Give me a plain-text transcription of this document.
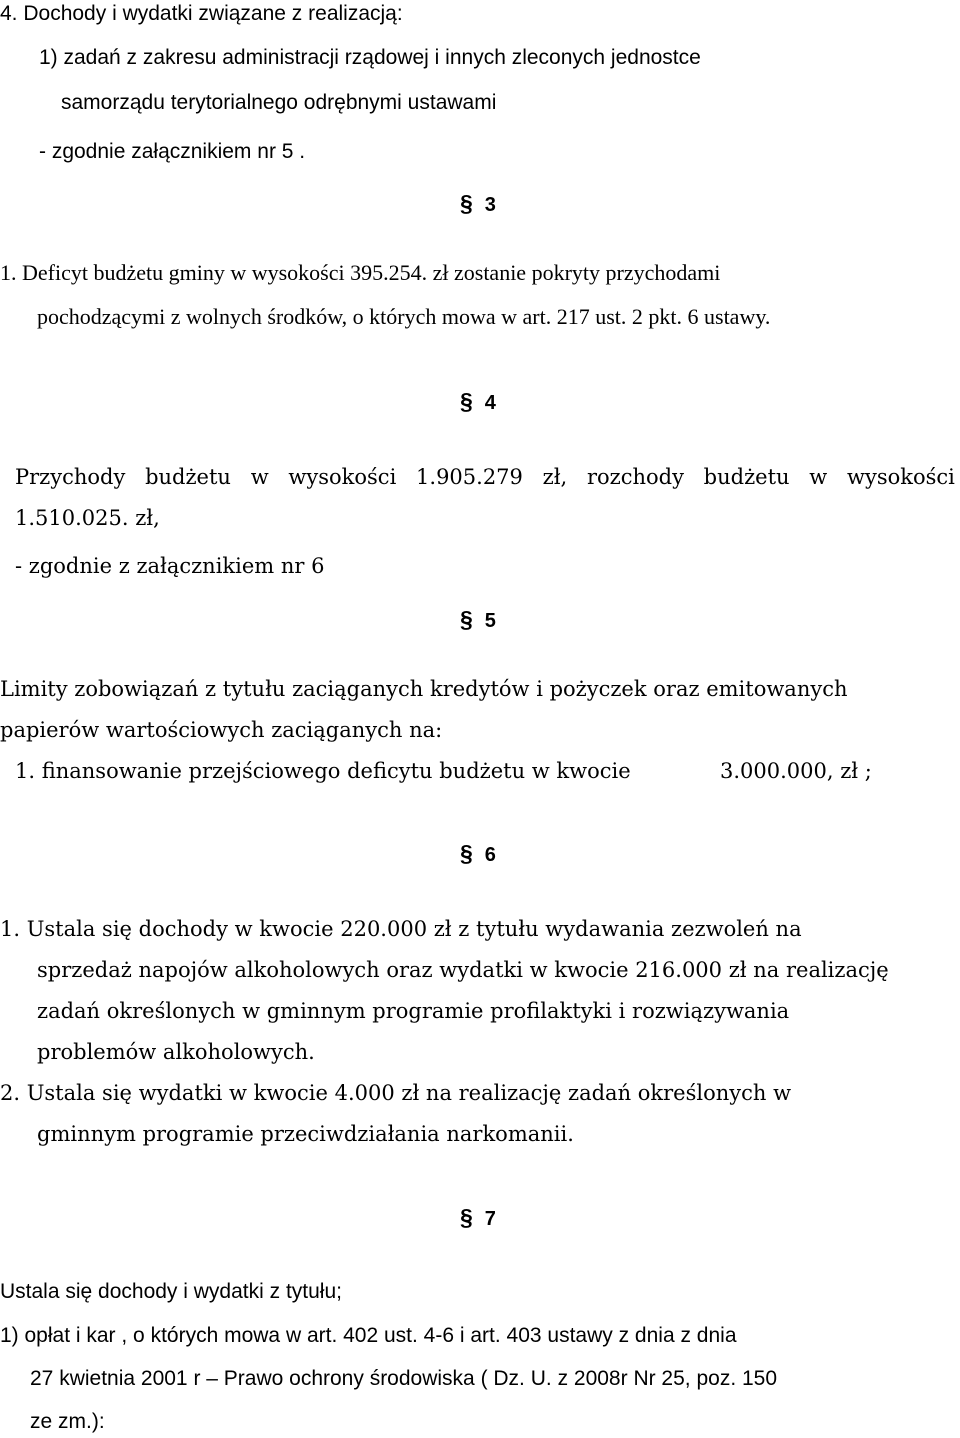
4. Dochody i wydatki związane z realizacją:
1) zadań z zakresu administracji rządowej i innych zleconych jednostce
samorządu terytorialnego odrębnymi ustawami
- zgodnie załącznikiem nr 5 .
§ 3
1. Deficyt budżetu gminy w wysokości 395.254. zł zostanie pokryty przychodami
pochodzącymi z wolnych środków, o których mowa w art. 217 ust. 2 pkt. 6 ustawy.
§ 4
Przychody budżetu w wysokości 1.905.279 zł, rozchody budżetu w wysokości
1.510.025. zł,
- zgodnie z załącznikiem nr 6
§ 5
Limity zobowiązań z tytułu zaciąganych kredytów i pożyczek oraz emitowanych
papierów wartościowych zaciąganych na:
1. finansowanie przejściowego deficytu budżetu w kwocie	3.000.000, zł ;
§ 6
1. Ustala się dochody w kwocie 220.000 zł z tytułu wydawania zezwoleń na
sprzedaż napojów alkoholowych oraz wydatki w kwocie 216.000 zł na realizację
zadań określonych w gminnym programie profilaktyki i rozwiązywania
problemów alkoholowych.
2. Ustala się wydatki w kwocie 4.000 zł na realizację zadań określonych w
gminnym programie przeciwdziałania narkomanii.
§ 7
Ustala się dochody i wydatki z tytułu;
1) opłat i kar , o których mowa w art. 402 ust. 4-6 i art. 403 ustawy z dnia z dnia
27 kwietnia 2001 r – Prawo ochrony środowiska ( Dz. U. z 2008r Nr 25, poz. 150
ze zm.):
